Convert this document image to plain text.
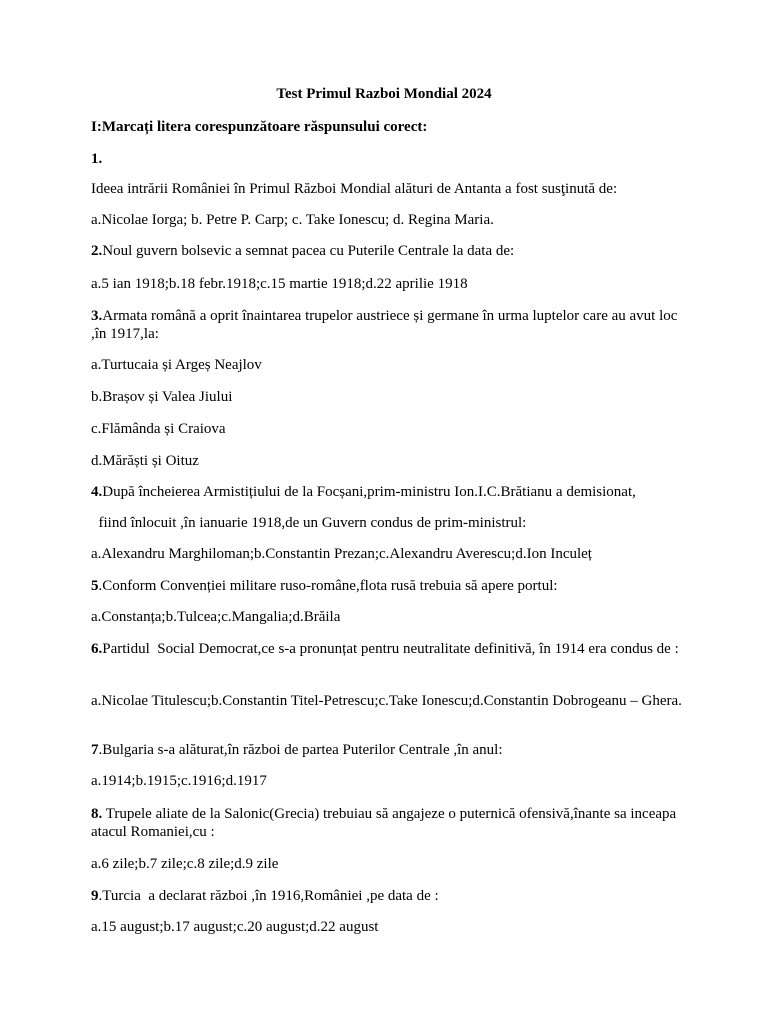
Test Primul Razboi Mondial 2024
I:Marcați litera corespunzătoare răspunsului corect:
1.
Ideea intrării României în Primul Război Mondial alături de Antanta a fost susţinută de:
a.Nicolae Iorga; b. Petre P. Carp; c. Take Ionescu; d. Regina Maria.
2.Noul guvern bolsevic a semnat pacea cu Puterile Centrale la data de:
a.5 ian 1918;b.18 febr.1918;c.15 martie 1918;d.22 aprilie 1918
3.Armata română a oprit înaintarea trupelor austriece și germane în urma luptelor care au avut loc ,în 1917,la:
a.Turtucaia și Argeș Neajlov
b.Brașov și Valea Jiului
c.Flămânda și Craiova
d.Mărăști și Oituz
4.După încheierea Armistițiului de la Focșani,prim-ministru Ion.I.C.Brătianu a demisionat,
fiind înlocuit ,în ianuarie 1918,de un Guvern condus de prim-ministrul:
a.Alexandru Marghiloman;b.Constantin Prezan;c.Alexandru Averescu;d.Ion Inculeț
5.Conform Convenției militare ruso-române,flota rusă trebuia să apere portul:
a.Constanța;b.Tulcea;c.Mangalia;d.Brăila
6.Partidul  Social Democrat,ce s-a pronunțat pentru neutralitate definitivă, în 1914 era condus de :
a.Nicolae Titulescu;b.Constantin Titel-Petrescu;c.Take Ionescu;d.Constantin Dobrogeanu – Ghera.
7.Bulgaria s-a alăturat,în război de partea Puterilor Centrale ,în anul:
a.1914;b.1915;c.1916;d.1917
8. Trupele aliate de la Salonic(Grecia) trebuiau să angajeze o puternică ofensivă,înante sa inceapa atacul Romaniei,cu :
a.6 zile;b.7 zile;c.8 zile;d.9 zile
9.Turcia  a declarat război ,în 1916,României ,pe data de :
a.15 august;b.17 august;c.20 august;d.22 august
